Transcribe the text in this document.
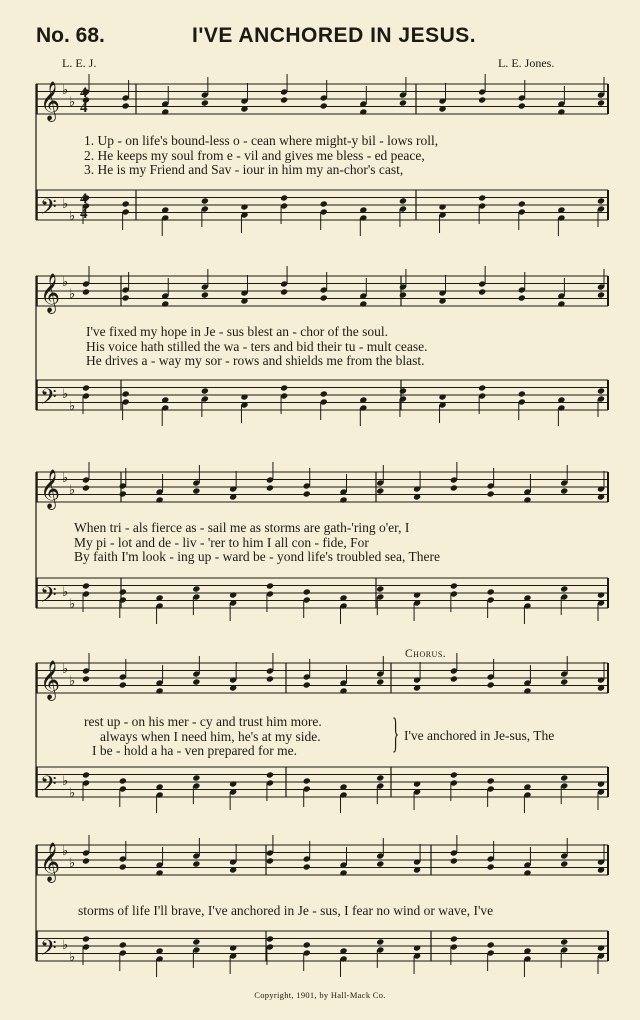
No. 68.	I'VE ANCHORED IN JESUS.
L. E. J.	L. E. Jones.
𝄞 ♭
♭
𝄢 ♭
♭
4
4
4
4
1. Up - on life's bound-less o - cean where might-y bil - lows roll,
2. He keeps my soul from e - vil and gives me bless - ed peace,
3. He is my Friend and Sav - iour in him my an-chor's cast,
𝄞 ♭
♭
𝄢 ♭
♭
I've fixed my hope in Je - sus blest an - chor of the soul.
His voice hath stilled the wa - ters and bid their tu - mult cease.
He drives a - way my sor - rows and shields me from the blast.
𝄞 ♭
♭
𝄢 ♭
♭
When tri - als fierce as - sail me as storms are gath-'ring o'er, I
My pi - lot and de - liv - 'rer to him I all con - fide, For
By faith I'm look - ing up - ward be - yond life's troubled sea, There
Chorus.
𝄞 ♭
♭
𝄢 ♭
♭
rest up - on his mer - cy and trust him more.
always when I need him, he's at my side.
I be - hold a ha - ven prepared for me.	} I've anchored in Je-sus, The
𝄞 ♭
♭
𝄢 ♭
♭
storms of life I'll brave, I've anchored in Je - sus, I fear no wind or wave, I've
Copyright, 1901, by Hall-Mack Co.
